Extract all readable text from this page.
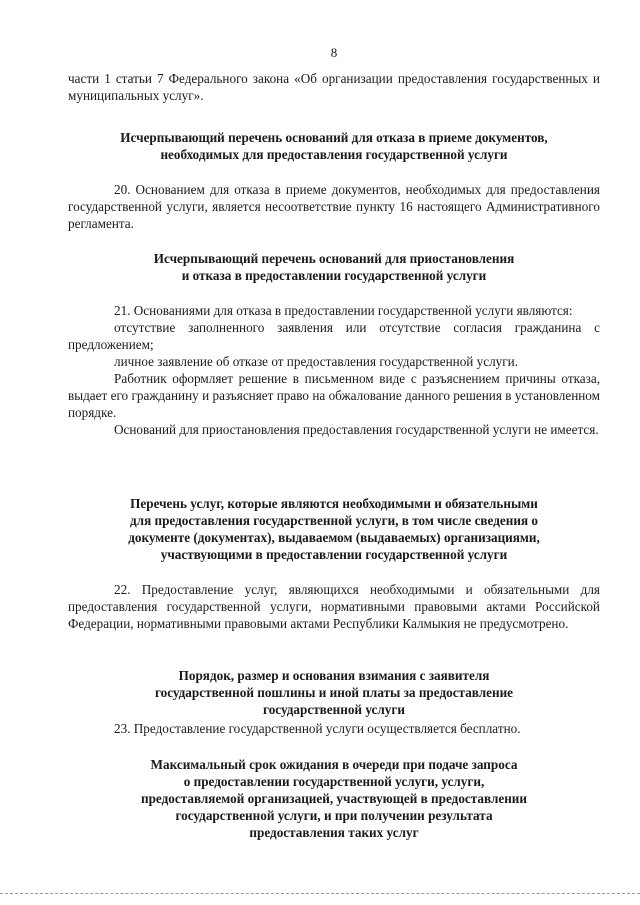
8

части 1 статьи 7 Федерального закона «Об организации предоставления государственных и муниципальных услуг».

Исчерпывающий перечень оснований для отказа в приеме документов,
необходимых для предоставления государственной услуги

20. Основанием для отказа в приеме документов, необходимых для предоставления государственной услуги, является несоответствие пункту 16 настоящего Административного регламента.

Исчерпывающий перечень оснований для приостановления
и отказа в предоставлении государственной услуги

21. Основаниями для отказа в предоставлении государственной услуги являются:

отсутствие заполненного заявления или отсутствие согласия гражданина с предложением;

личное заявление об отказе от предоставления государственной услуги.

Работник оформляет решение в письменном виде с разъяснением причины отказа, выдает его гражданину и разъясняет право на обжалование данного решения в установленном порядке.

Оснований для приостановления предоставления государственной услуги не имеется.

Перечень услуг, которые являются необходимыми и обязательными
для предоставления государственной услуги, в том числе сведения о
документе (документах), выдаваемом (выдаваемых) организациями,
участвующими в предоставлении государственной услуги

22. Предоставление услуг, являющихся необходимыми и обязательными для предоставления государственной услуги, нормативными правовыми актами Российской Федерации, нормативными правовыми актами Республики Калмыкия не предусмотрено.

Порядок, размер и основания взимания с заявителя
государственной пошлины и иной платы за предоставление
государственной услуги

23. Предоставление государственной услуги осуществляется бесплатно.

Максимальный срок ожидания в очереди при подаче запроса
о предоставлении государственной услуги, услуги,
предоставляемой организацией, участвующей в предоставлении
государственной услуги, и при получении результата
предоставления таких услуг
